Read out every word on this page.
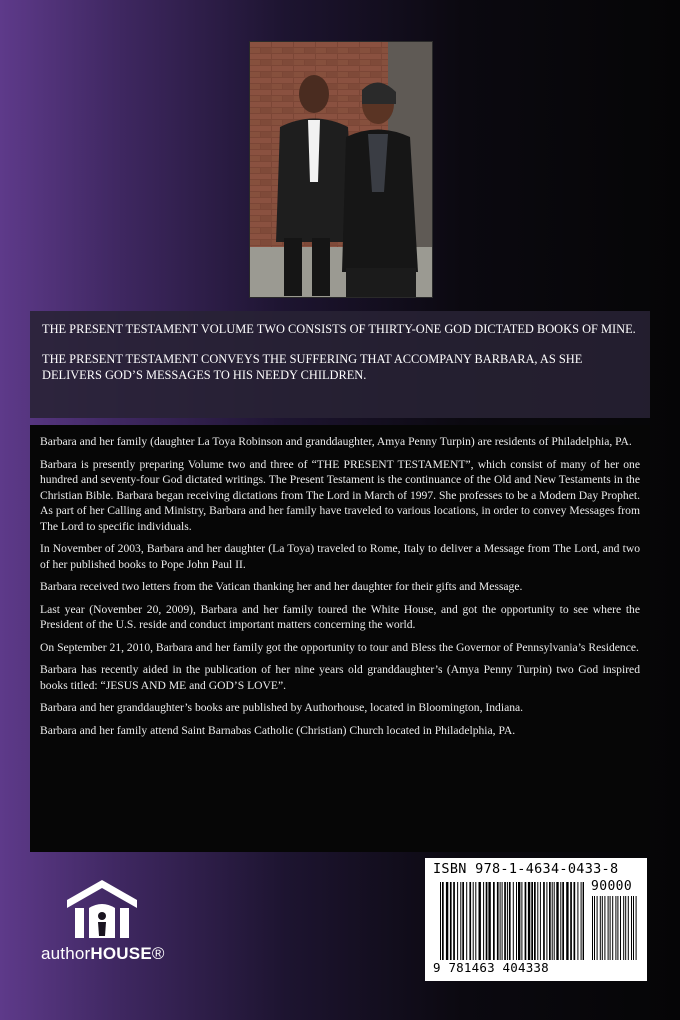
THE PRESENT TESTAMENT VOLUME TWO CONSISTS OF THIRTY-ONE GOD DICTATED BOOKS OF MINE.

THE PRESENT TESTAMENT CONVEYS THE SUFFERING THAT ACCOMPANY BARBARA, AS SHE DELIVERS GOD’S MESSAGES TO HIS NEEDY CHILDREN.

Barbara and her family (daughter La Toya Robinson and granddaughter, Amya Penny Turpin) are residents of Philadelphia, PA.

Barbara is presently preparing Volume two and three of “THE PRESENT TESTAMENT”, which consist of many of her one hundred and seventy-four God dictated writings. The Present Testament is the continuance of the Old and New Testaments in the Christian Bible. Barbara began receiving dictations from The Lord in March of 1997. She professes to be a Modern Day Prophet. As part of her Calling and Ministry, Barbara and her family have traveled to various locations, in order to convey Messages from The Lord to specific individuals.

In November of 2003, Barbara and her daughter (La Toya) traveled to Rome, Italy to deliver a Message from The Lord, and two of her published books to Pope John Paul II.

Barbara received two letters from the Vatican thanking her and her daughter for their gifts and Message.

Last year (November 20, 2009), Barbara and her family toured the White House, and got the opportunity to see where the President of the U.S. reside and conduct important matters concerning the world.

On September 21, 2010, Barbara and her family got the opportunity to tour and Bless the Governor of Pennsylvania’s Residence.

Barbara has recently aided in the publication of her nine years old granddaughter’s (Amya Penny Turpin) two God inspired books titled: “JESUS AND ME and GOD’S LOVE”.

Barbara and her granddaughter’s books are published by Authorhouse, located in Bloomington, Indiana.

Barbara and her family attend Saint Barnabas Catholic (Christian) Church located in Philadelphia, PA.

authorHOUSE®
ISBN 978-1-4634-0433-8
90000
9 781463 404338
